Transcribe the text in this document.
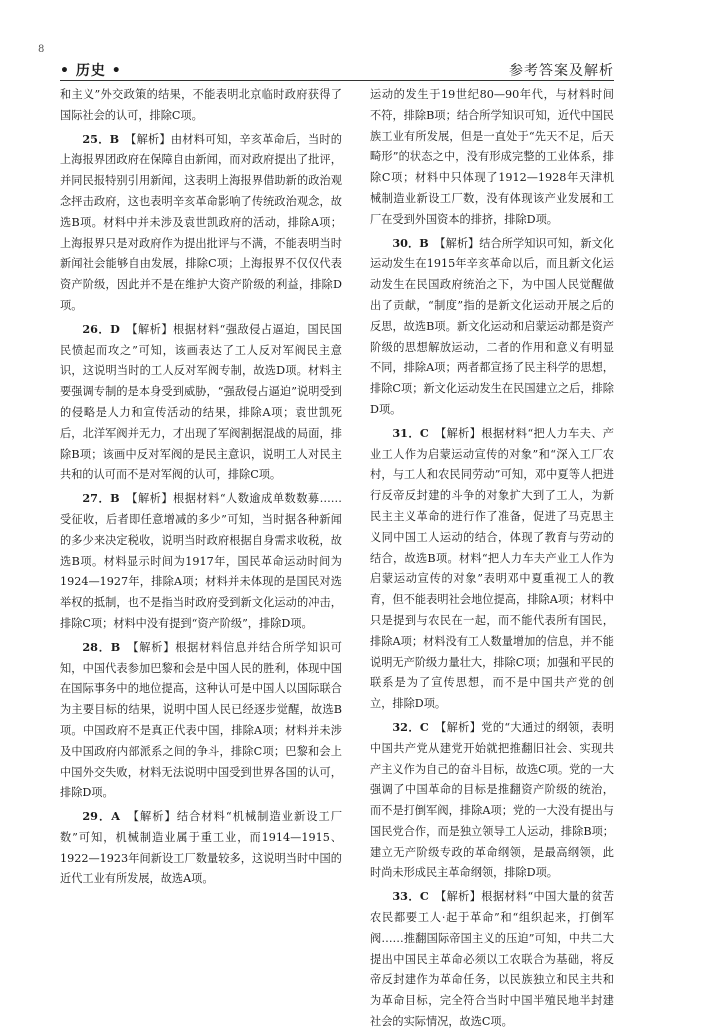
8
• 历史 •	参考答案及解析

和主义”外交政策的结果，不能表明北京临时政府获得了国际社会的认可，排除C项。

25．B　 【解析】由材料可知，辛亥革命后，当时的上海报界团政府在保障自由新闻，而对政府提出了批评，并同民报特别引用新闻，这表明上海报界借助新的政治观念抨击政府，这也表明辛亥革命影响了传统政治观念，故选B项。材料中并未涉及袁世凯政府的活动，排除A项；上海报界只是对政府作为提出批评与不满，不能表明当时新闻社会能够自由发展，排除C项；上海报界不仅仅代表资产阶级，因此并不是在维护大资产阶级的利益，排除D项。

26．D　 【解析】根据材料“强敌侵占逼迫，国民国民愤起而攻之”可知，该画表达了工人反对军阀民主意识，这说明当时的工人反对军阀专制，故选D项。材料主要强调专制的是本身受到威胁，“强敌侵占逼迫”说明受到的侵略是人力和宣传活动的结果，排除A项；袁世凯死后，北洋军阀并无力，才出现了军阀割据混战的局面，排除B项；该画中反对军阀的是民主意识，说明工人对民主共和的认可而不是对军阀的认可，排除C项。

27．B　 【解析】根据材料“人数逾成单数数募……受征收，后者即任意增减的多少”可知，当时据各种新闻的多少来决定税收，说明当时政府根据自身需求收税，故选B项。材料显示时间为1917年，国民革命运动时间为1924—1927年，排除A项；材料并未体现的是国民对选举权的抵制，也不是指当时政府受到新文化运动的冲击，排除C项；材料中没有提到“资产阶级”，排除D项。

28．B　 【解析】根据材料信息并结合所学知识可知，中国代表参加巴黎和会是中国人民的胜利，体现中国在国际事务中的地位提高，这种认可是中国人以国际联合为主要目标的结果，说明中国人民已经逐步觉醒，故选B项。中国政府不是真正代表中国，排除A项；材料并未涉及中国政府内部派系之间的争斗，排除C项；巴黎和会上中国外交失败，材料无法说明中国受到世界各国的认可，排除D项。

29．A　 【解析】结合材料“机械制造业新设工厂数”可知，机械制造业属于重工业，而1914—1915、1922—1923年间新设工厂数量较多，这说明当时中国的近代工业有所发展，故选A项。

运动的发生于19世纪80—90年代，与材料时间不符，排除B项；结合所学知识可知，近代中国民族工业有所发展，但是一直处于“先天不足，后天畸形”的状态之中，没有形成完整的工业体系，排除C项；材料中只体现了1912—1928年天津机械制造业新设工厂数，没有体现该产业发展和工厂在受到外国资本的排挤，排除D项。

30．B　 【解析】结合所学知识可知，新文化运动发生在1915年辛亥革命以后，而且新文化运动发生在民国政府统治之下，为中国人民觉醒做出了贡献，“制度”指的是新文化运动开展之后的反思，故选B项。新文化运动和启蒙运动都是资产阶级的思想解放运动，二者的作用和意义有明显不同，排除A项；两者都宣扬了民主科学的思想，排除C项；新文化运动发生在民国建立之后，排除D项。

31．C　 【解析】根据材料“把人力车夫、产业工人作为启蒙运动宣传的对象”和“深入工厂农村，与工人和农民同劳动”可知，邓中夏等人把进行反帝反封建的斗争的对象扩大到了工人，为新民主主义革命的进行作了准备，促进了马克思主义同中国工人运动的结合，体现了教育与劳动的结合，故选B项。材料“把人力车夫产业工人作为启蒙运动宣传的对象”表明邓中夏重视工人的教育，但不能表明社会地位提高，排除A项；材料中只是提到与农民在一起，而不能代表所有国民，排除A项；材料没有工人数量增加的信息，并不能说明无产阶级力量壮大，排除C项；加强和平民的联系是为了宣传思想，而不是中国共产党的创立，排除D项。

32．C　 【解析】党的“大通过的纲领，表明中国共产党从建党开始就把推翻旧社会、实现共产主义作为自己的奋斗目标，故选C项。党的一大强调了中国革命的目标是推翻资产阶级的统治，而不是打倒军阀，排除A项；党的一大没有提出与国民党合作，而是独立领导工人运动，排除B项；建立无产阶级专政的革命纲领，是最高纲领，此时尚未形成民主革命纲领，排除D项。

33．C　 【解析】根据材料“中国大量的贫苦农民都要工人·起于革命”和“组织起来，打倒军阀……推翻国际帝国主义的压迫”可知，中共二大提出中国民主革命必须以工农联合为基础，将反帝反封建作为革命任务，以民族独立和民主共和为革命目标，完全符合当时中国半殖民地半封建社会的实际情况，故选C项。
